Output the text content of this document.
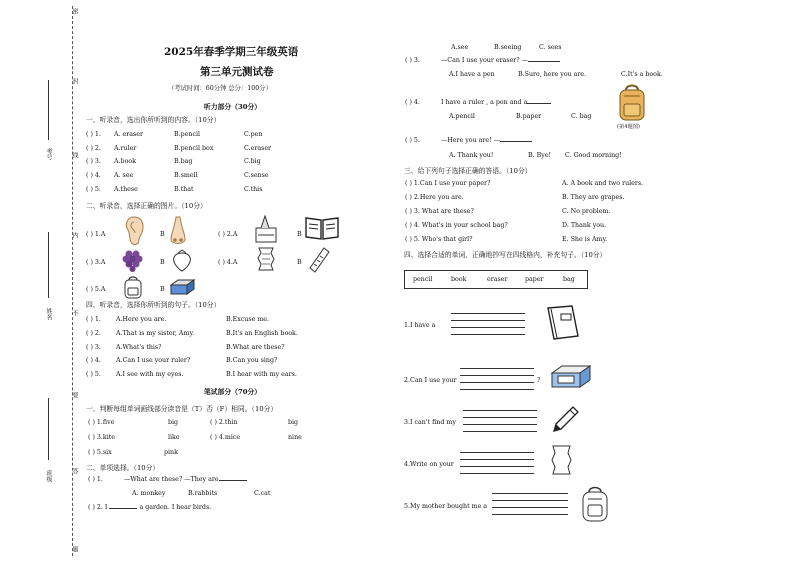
密
封
线
内
不
要
答
题
考号
姓名
班级
2025年春季学期三年级英语
第三单元测试卷
（考试时间：60分钟 总分：100分）
听力部分（30分）
一、听录音，选出你所听到的内容。（10分）
( ) 1. A. eraser	B.pencil	C.pen
( ) 2. A.ruler	B.pencil box	C.eraser
( ) 3. A.book	B.bag	C.big
( ) 4. A. see	B.smell	C.sense
( ) 5. A.these	B.that	C.this
二、听录音，选择正确的图片。（10分）
( ) 1.A	B	( ) 2.A	B
( ) 3.A	B	( ) 4.A	B
( ) 5.A	B
四、听录音，选择你所听到的句子。（10分）
( ) 1. A.Here you are.	B.Excuse me.
( ) 2. A.That is my sister, Amy.	B.It's an English book.
( ) 3. A.What's this?	B.What are these?
( ) 4. A.Can I use your ruler?	B.Can you sing?
( ) 5. A.I see with my eyes.	B.I hear with my ears.
笔试部分（70分）
一、判断每组单词画线部分读音是（T）否（F）相同。（10分）
( ) 1.five	big	( ) 2.thin	big
( ) 3.kite	like	( ) 4.mice	nine
( ) 5.six	pink
二、单项选择。（10分）
( ) 1.	—What are these? —They are
A. monkey	B.rabbits	C.cat
( ) 2. I	a garden. I hear birds.
A.see	B.seeing	C. sees
( ) 3.	—Can I use your eraser? —
A.I have a pen	B.Sure, here you are.	C.It's a book.
( ) 4.	I have a ruler , a pen and a
A.pencil	B.paper	C. bag
(第4题图)
( ) 5.	—Here you are! —
A. Thank you!	B. Bye! C. Good morning!
三、给下列句子选择正确的答语。（10分）
( ) 1.Can I use your paper?	A. A book and two rulers.
( ) 2.Here you are.	B. They are grapes.
( ) 3. What are these?	C. No problem.
( ) 4. What's in your school bag?	D. Thank you.
( ) 5. Who's that girl?	E. She is Amy.
四、选择合适的单词，正确地抄写在四线格内，补充句子。（10分）
pencil	book	eraser	paper	bag
1.I have a
2.Can I use your	?
3.I can't find my
4.Write on your
5.My mother bought me a
